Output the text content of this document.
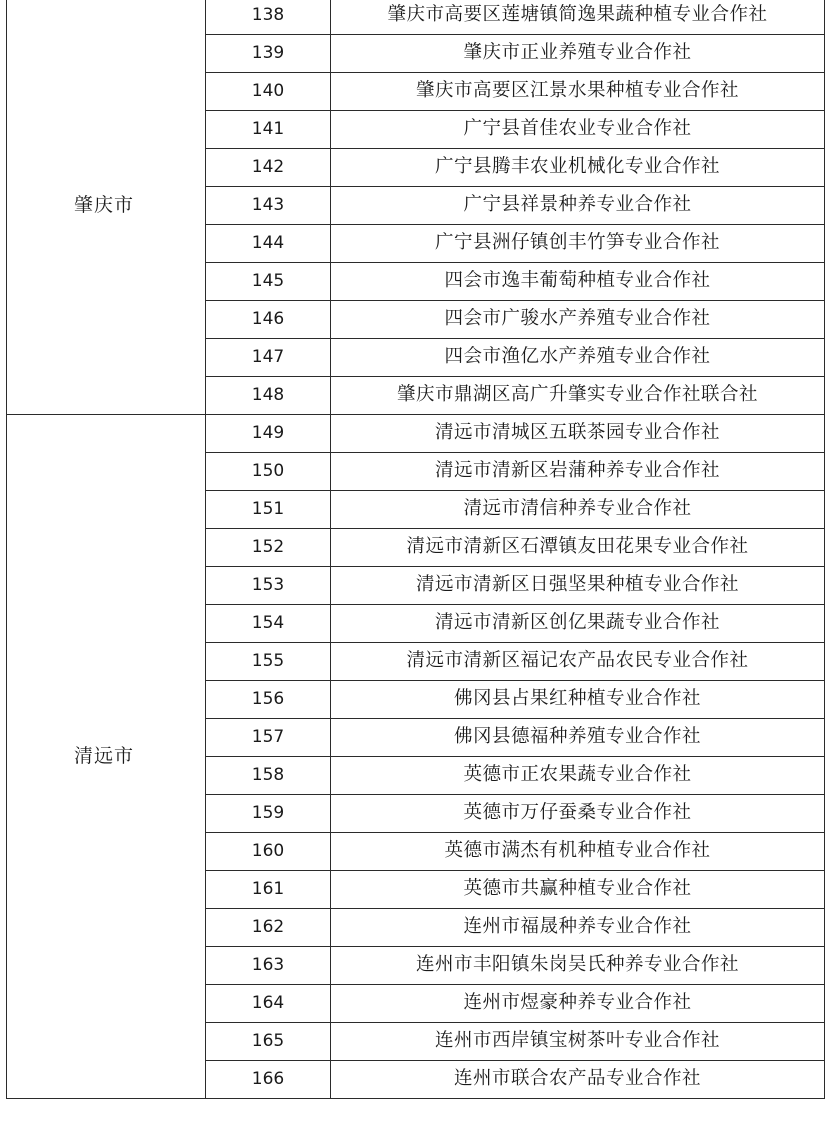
肇庆市	138	肇庆市高要区莲塘镇简逸果蔬种植专业合作社
	139	肇庆市正业养殖专业合作社
	140	肇庆市高要区江景水果种植专业合作社
	141	广宁县首佳农业专业合作社
	142	广宁县腾丰农业机械化专业合作社
	143	广宁县祥景种养专业合作社
	144	广宁县洲仔镇创丰竹笋专业合作社
	145	四会市逸丰葡萄种植专业合作社
	146	四会市广骏水产养殖专业合作社
	147	四会市渔亿水产养殖专业合作社
	148	肇庆市鼎湖区高广升肇实专业合作社联合社
清远市	149	清远市清城区五联茶园专业合作社
	150	清远市清新区岩蒲种养专业合作社
	151	清远市清信种养专业合作社
	152	清远市清新区石潭镇友田花果专业合作社
	153	清远市清新区日强坚果种植专业合作社
	154	清远市清新区创亿果蔬专业合作社
	155	清远市清新区福记农产品农民专业合作社
	156	佛冈县占果红种植专业合作社
	157	佛冈县德福种养殖专业合作社
	158	英德市正农果蔬专业合作社
	159	英德市万仔蚕桑专业合作社
	160	英德市满杰有机种植专业合作社
	161	英德市共赢种植专业合作社
	162	连州市福晟种养专业合作社
	163	连州市丰阳镇朱岗吴氏种养专业合作社
	164	连州市煜豪种养专业合作社
	165	连州市西岸镇宝树茶叶专业合作社
	166	连州市联合农产品专业合作社
